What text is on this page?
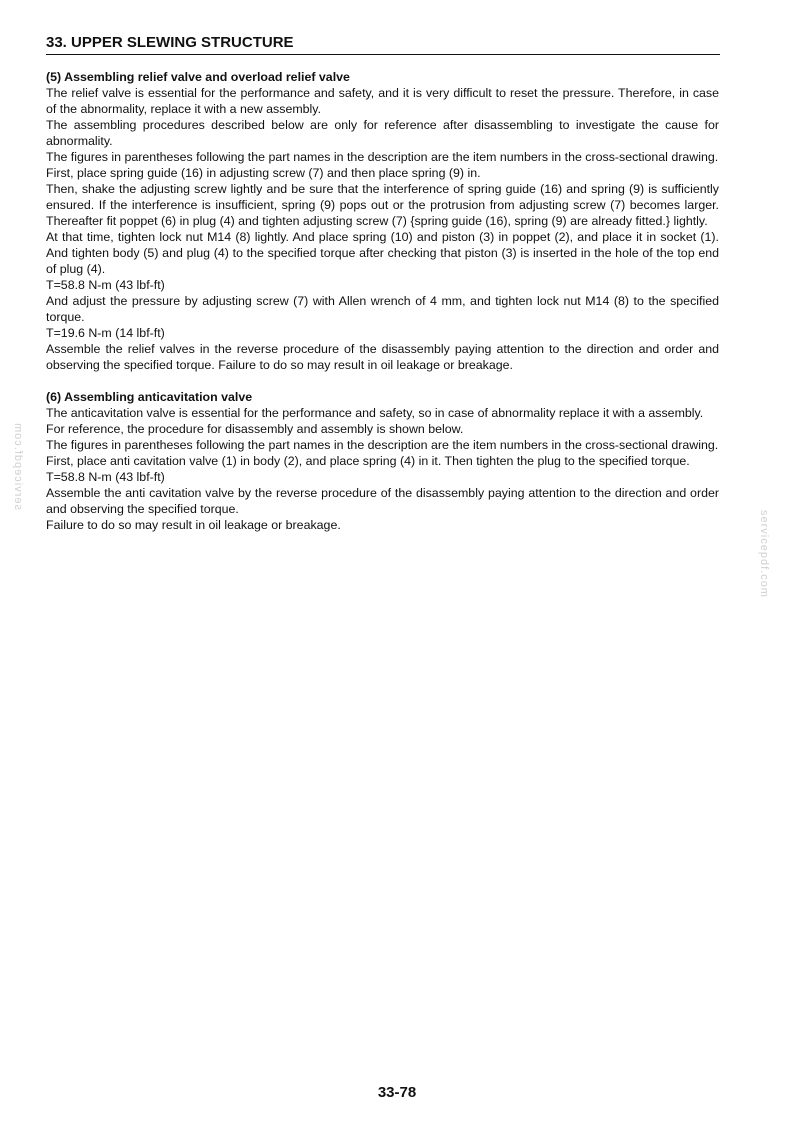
33. UPPER SLEWING STRUCTURE

(5) Assembling relief valve and overload relief valve

The relief valve is essential for the performance and safety, and it is very difficult to reset the pressure. Therefore, in case of the abnormality, replace it with a new assembly.

The assembling procedures described below are only for reference after disassembling to investigate the cause for abnormality.

The figures in parentheses following the part names in the description are the item numbers in the cross-sectional drawing.

First, place spring guide (16) in adjusting screw (7) and then place spring (9) in.

Then, shake the adjusting screw lightly and be sure that the interference of spring guide (16) and spring (9) is sufficiently ensured. If the interference is insufficient, spring (9) pops out or the protrusion from adjusting screw (7) becomes larger. Thereafter fit poppet (6) in plug (4) and tighten adjusting screw (7) {spring guide (16), spring (9) are already fitted.} lightly.

At that time, tighten lock nut M14 (8) lightly. And place spring (10) and piston (3) in poppet (2), and place it in socket (1). And tighten body (5) and plug (4) to the specified torque after checking that piston (3) is inserted in the hole of the top end of plug (4).

T=58.8 N-m (43 lbf-ft)

And adjust the pressure by adjusting screw (7) with Allen wrench of 4 mm, and tighten lock nut M14 (8) to the specified torque.

T=19.6 N-m (14 lbf-ft)

Assemble the relief valves in the reverse procedure of the disassembly paying attention to the direction and order and observing the specified torque. Failure to do so may result in oil leakage or breakage.

(6) Assembling anticavitation valve

The anticavitation valve is essential for the performance and safety, so in case of abnormality replace it with a assembly.

For reference, the procedure for disassembly and assembly is shown below.

The figures in parentheses following the part names in the description are the item numbers in the cross-sectional drawing.

First, place anti cavitation valve (1) in body (2), and place spring (4) in it. Then tighten the plug to the specified torque.

T=58.8 N-m (43 lbf-ft)

Assemble the anti cavitation valve by the reverse procedure of the disassembly paying attention to the direction and order and observing the specified torque.

Failure to do so may result in oil leakage or breakage.

servicepdf.com
servicepdf.com
33-78
